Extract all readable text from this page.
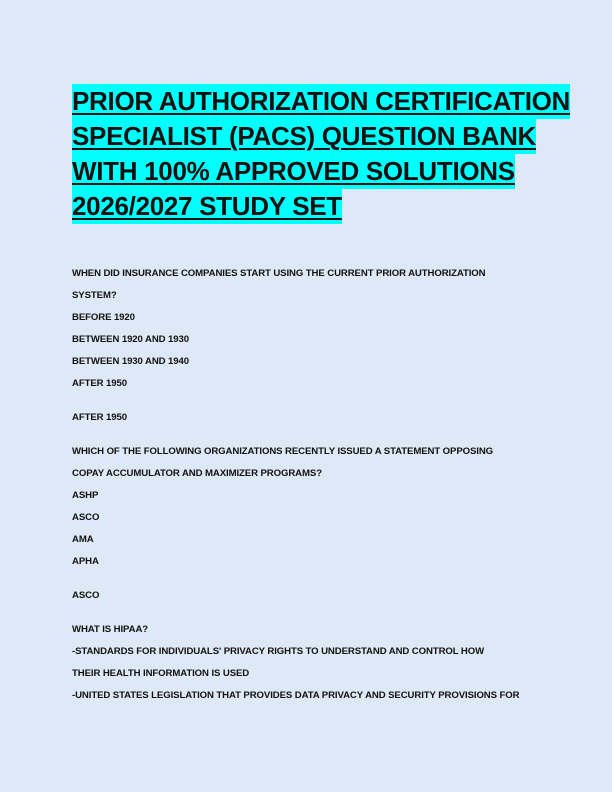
PRIOR AUTHORIZATION CERTIFICATION
SPECIALIST (PACS) QUESTION BANK
WITH 100% APPROVED SOLUTIONS
2026/2027 STUDY SET
WHEN DID INSURANCE COMPANIES START USING THE CURRENT PRIOR AUTHORIZATION
SYSTEM?
BEFORE 1920
BETWEEN 1920 AND 1930
BETWEEN 1930 AND 1940
AFTER 1950
AFTER 1950
WHICH OF THE FOLLOWING ORGANIZATIONS RECENTLY ISSUED A STATEMENT OPPOSING
COPAY ACCUMULATOR AND MAXIMIZER PROGRAMS?
ASHP
ASCO
AMA
APHA
ASCO
WHAT IS HIPAA?
-STANDARDS FOR INDIVIDUALS' PRIVACY RIGHTS TO UNDERSTAND AND CONTROL HOW
THEIR HEALTH INFORMATION IS USED
-UNITED STATES LEGISLATION THAT PROVIDES DATA PRIVACY AND SECURITY PROVISIONS FOR
